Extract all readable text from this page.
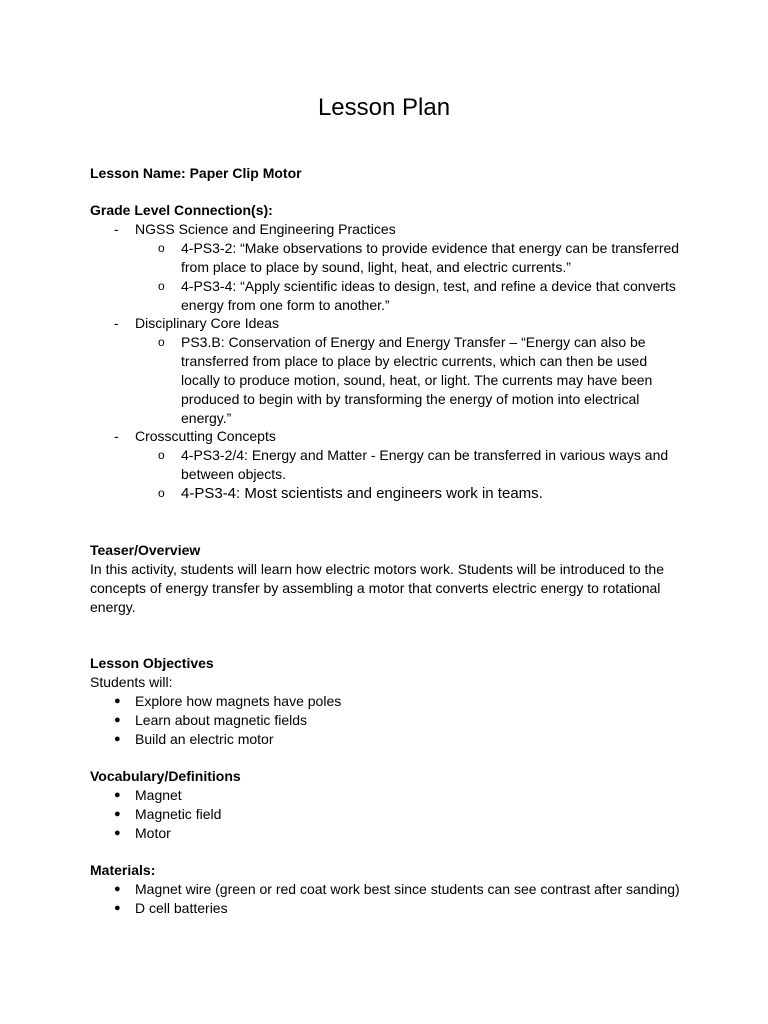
Lesson Plan
Lesson Name: Paper Clip Motor
Grade Level Connection(s):
- NGSS Science and Engineering Practices
o 4-PS3-2: “Make observations to provide evidence that energy can be transferred from place to place by sound, light, heat, and electric currents.”
o 4-PS3-4: “Apply scientific ideas to design, test, and refine a device that converts energy from one form to another.”
- Disciplinary Core Ideas
o PS3.B: Conservation of Energy and Energy Transfer – “Energy can also be transferred from place to place by electric currents, which can then be used locally to produce motion, sound, heat, or light. The currents may have been produced to begin with by transforming the energy of motion into electrical energy.”
- Crosscutting Concepts
o 4-PS3-2/4: Energy and Matter - Energy can be transferred in various ways and between objects.
o 4-PS3-4: Most scientists and engineers work in teams.
Teaser/Overview
In this activity, students will learn how electric motors work. Students will be introduced to the concepts of energy transfer by assembling a motor that converts electric energy to rotational energy.
Lesson Objectives
Students will:
● Explore how magnets have poles
● Learn about magnetic fields
● Build an electric motor
Vocabulary/Definitions
● Magnet
● Magnetic field
● Motor
Materials:
● Magnet wire (green or red coat work best since students can see contrast after sanding)
● D cell batteries
